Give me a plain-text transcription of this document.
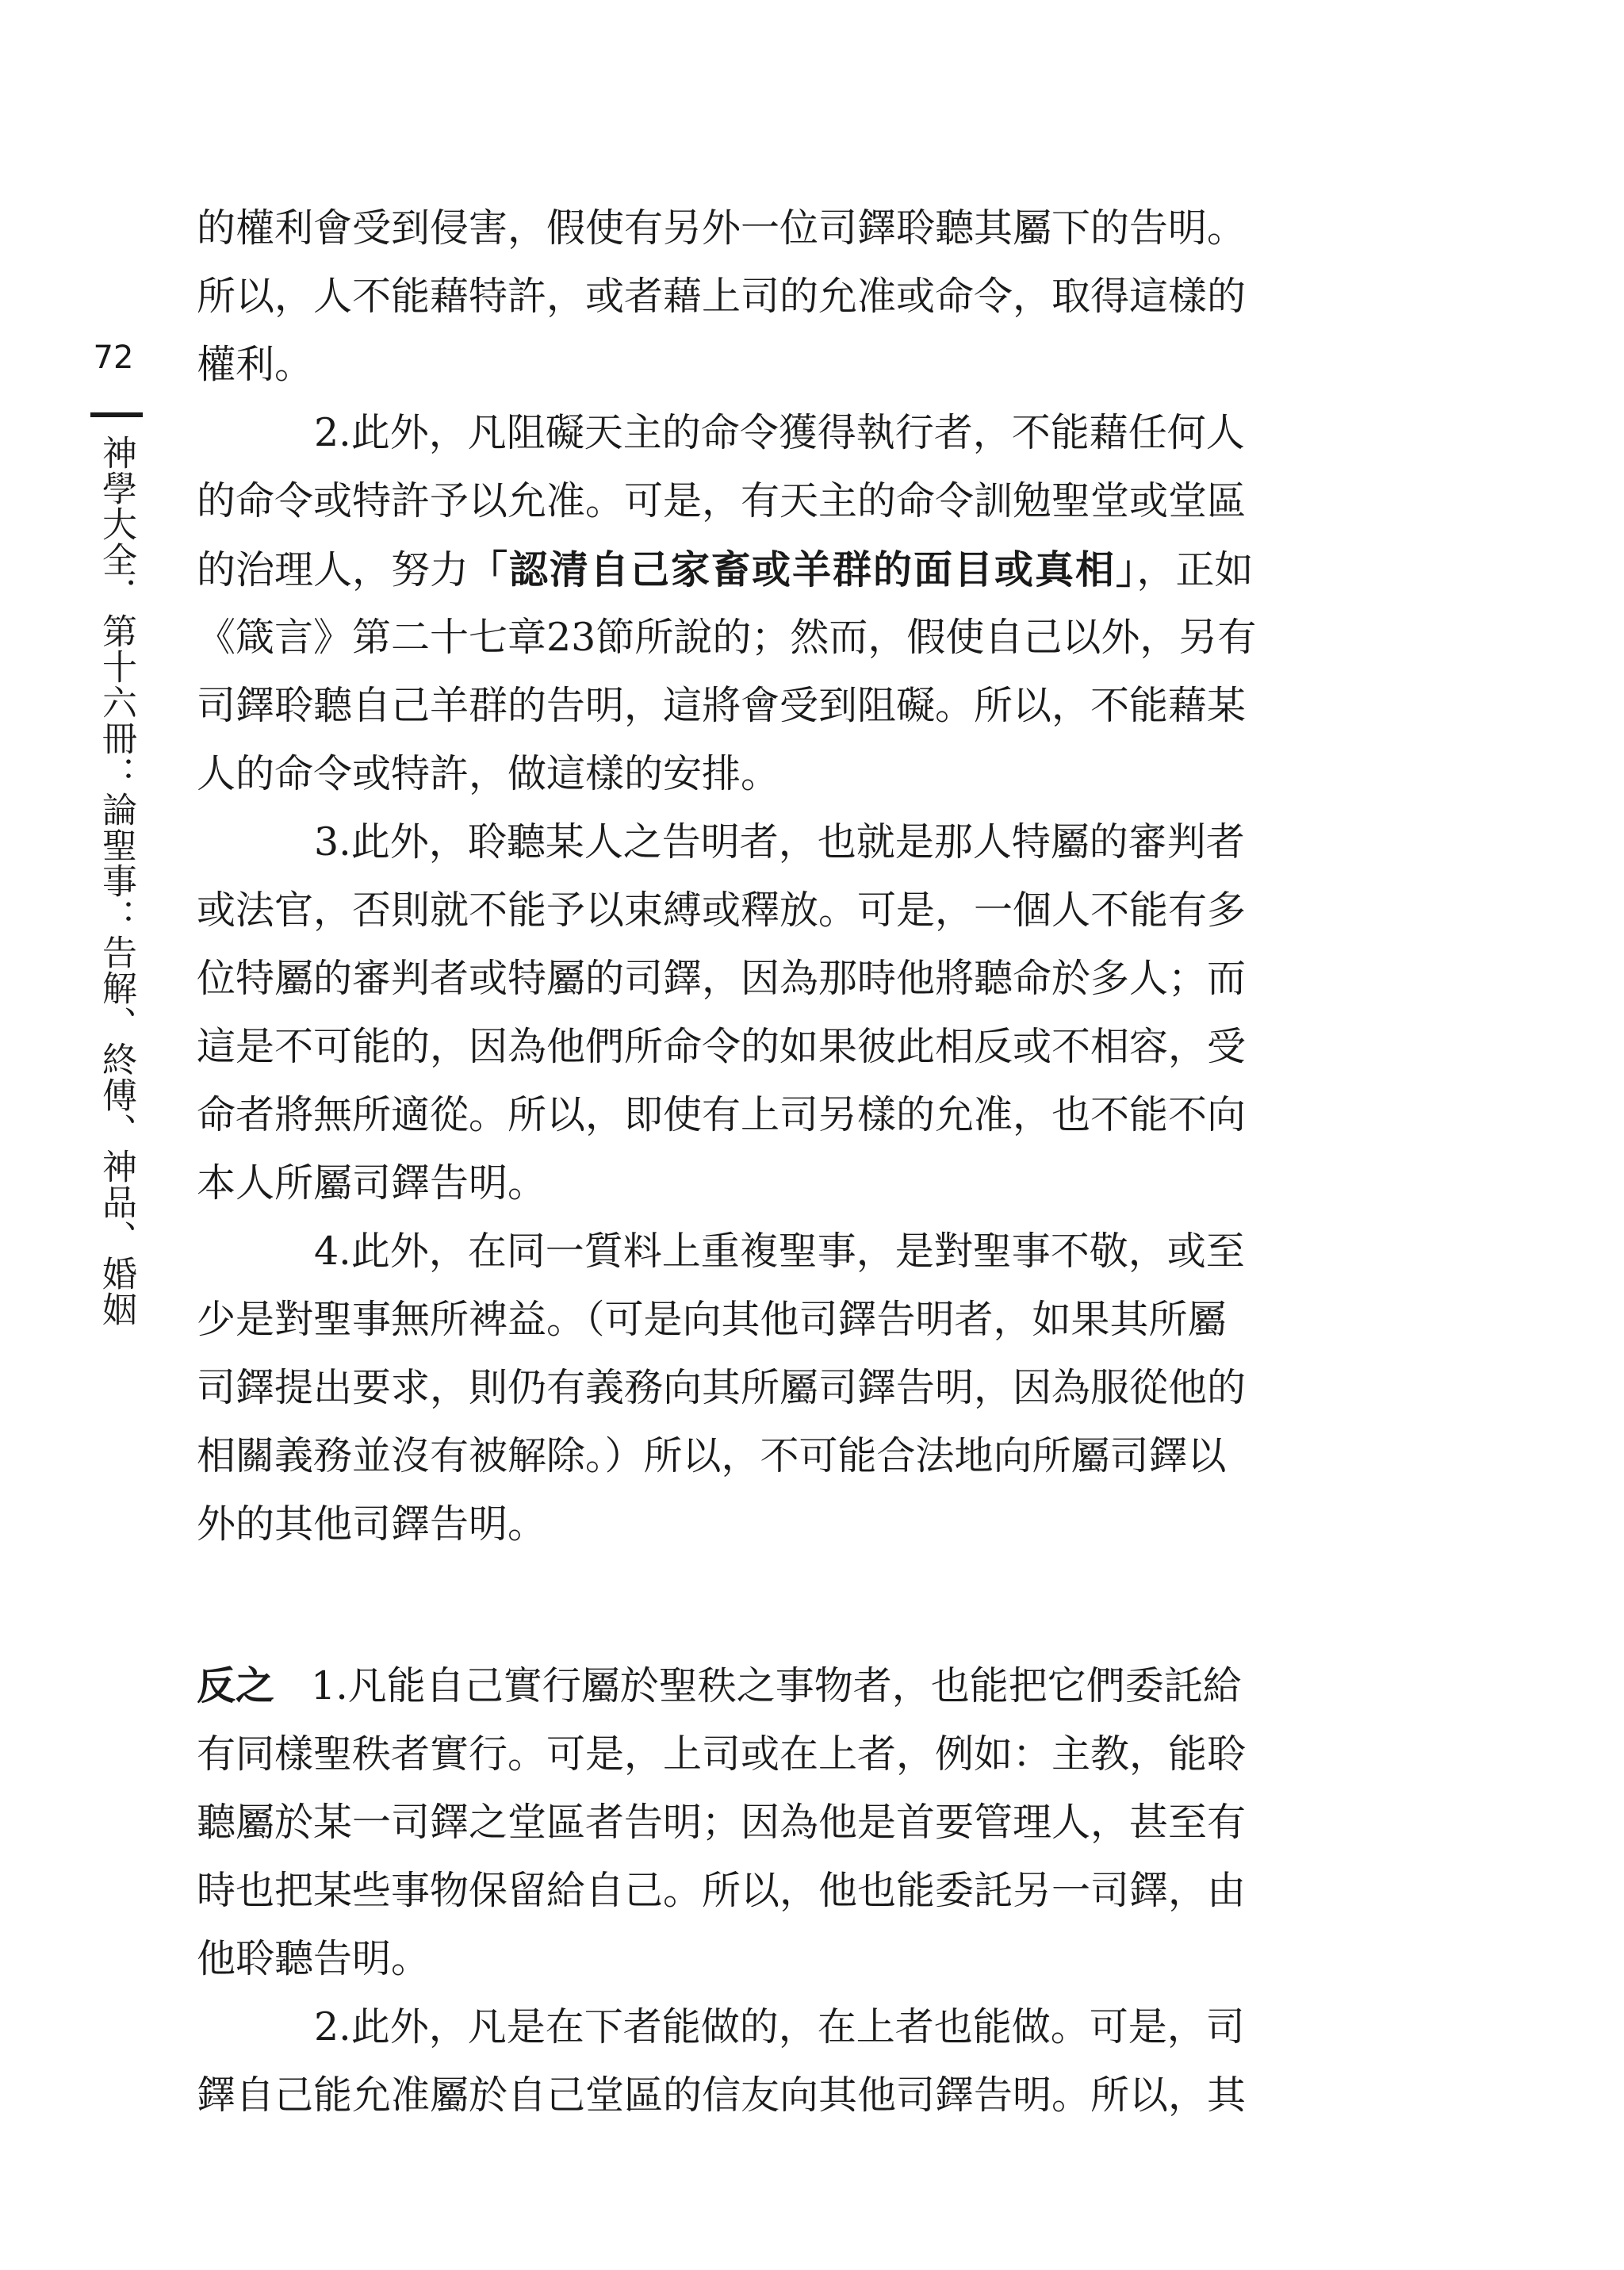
72
神學大全．第十六冊：論聖事：告解、終傅、神品、婚姻
的權利會受到侵害，假使有另外一位司鐸聆聽其屬下的告明。
所以，人不能藉特許，或者藉上司的允准或命令，取得這樣的
權利。
2.此外，凡阻礙天主的命令獲得執行者，不能藉任何人
的命令或特許予以允准。可是，有天主的命令訓勉聖堂或堂區
的治理人，努力「認清自己家畜或羊群的面目或真相」，正如
《箴言》第二十七章23節所說的；然而，假使自己以外，另有
司鐸聆聽自己羊群的告明，這將會受到阻礙。所以，不能藉某
人的命令或特許，做這樣的安排。
3.此外，聆聽某人之告明者，也就是那人特屬的審判者
或法官，否則就不能予以束縛或釋放。可是，一個人不能有多
位特屬的審判者或特屬的司鐸，因為那時他將聽命於多人；而
這是不可能的，因為他們所命令的如果彼此相反或不相容，受
命者將無所適從。所以，即使有上司另樣的允准，也不能不向
本人所屬司鐸告明。
4.此外，在同一質料上重複聖事，是對聖事不敬，或至
少是對聖事無所裨益。（可是向其他司鐸告明者，如果其所屬
司鐸提出要求，則仍有義務向其所屬司鐸告明，因為服從他的
相關義務並沒有被解除。）所以，不可能合法地向所屬司鐸以
外的其他司鐸告明。
反之 1.凡能自己實行屬於聖秩之事物者，也能把它們委託給
有同樣聖秩者實行。可是，上司或在上者，例如：主教，能聆
聽屬於某一司鐸之堂區者告明；因為他是首要管理人，甚至有
時也把某些事物保留給自己。所以，他也能委託另一司鐸，由
他聆聽告明。
2.此外，凡是在下者能做的，在上者也能做。可是，司
鐸自己能允准屬於自己堂區的信友向其他司鐸告明。所以，其
